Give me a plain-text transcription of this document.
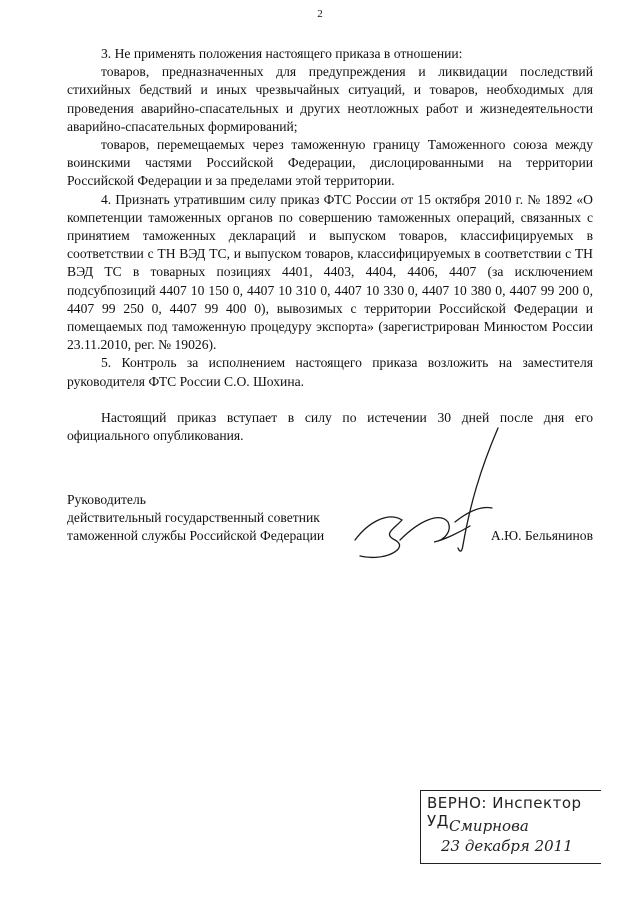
2

3. Не применять положения настоящего приказа в отношении:

товаров, предназначенных для предупреждения и ликвидации последствий стихийных бедствий и иных чрезвычайных ситуаций, и товаров, необходимых для проведения аварийно-спасательных и других неотложных работ и жизнедеятельности аварийно-спасательных формирований;

товаров, перемещаемых через таможенную границу Таможенного союза между воинскими частями Российской Федерации, дислоцированными на территории Российской Федерации и за пределами этой территории.

4. Признать утратившим силу приказ ФТС России от 15 октября 2010 г. № 1892 «О компетенции таможенных органов по совершению таможенных операций, связанных с принятием таможенных деклараций и выпуском товаров, классифицируемых в соответствии с ТН ВЭД ТС, и выпуском товаров, классифицируемых в соответствии с ТН ВЭД ТС в товарных позициях 4401, 4403, 4404, 4406, 4407 (за исключением подсубпозиций 4407 10 150 0, 4407 10 310 0, 4407 10 330 0, 4407 10 380 0, 4407 99 200 0, 4407 99 250 0, 4407 99 400 0), вывозимых с территории Российской Федерации и помещаемых под таможенную процедуру экспорта» (зарегистрирован Минюстом России 23.11.2010, рег. № 19026).

5. Контроль за исполнением настоящего приказа возложить на заместителя руководителя ФТС России С.О. Шохина.

Настоящий приказ вступает в силу по истечении 30 дней после дня его официального опубликования.

Руководитель
действительный государственный советник
таможенной службы Российской Федерации	А.Ю. Бельянинов
ВЕРНО: Инспектор УД Смирнова
23 декабря 2011
